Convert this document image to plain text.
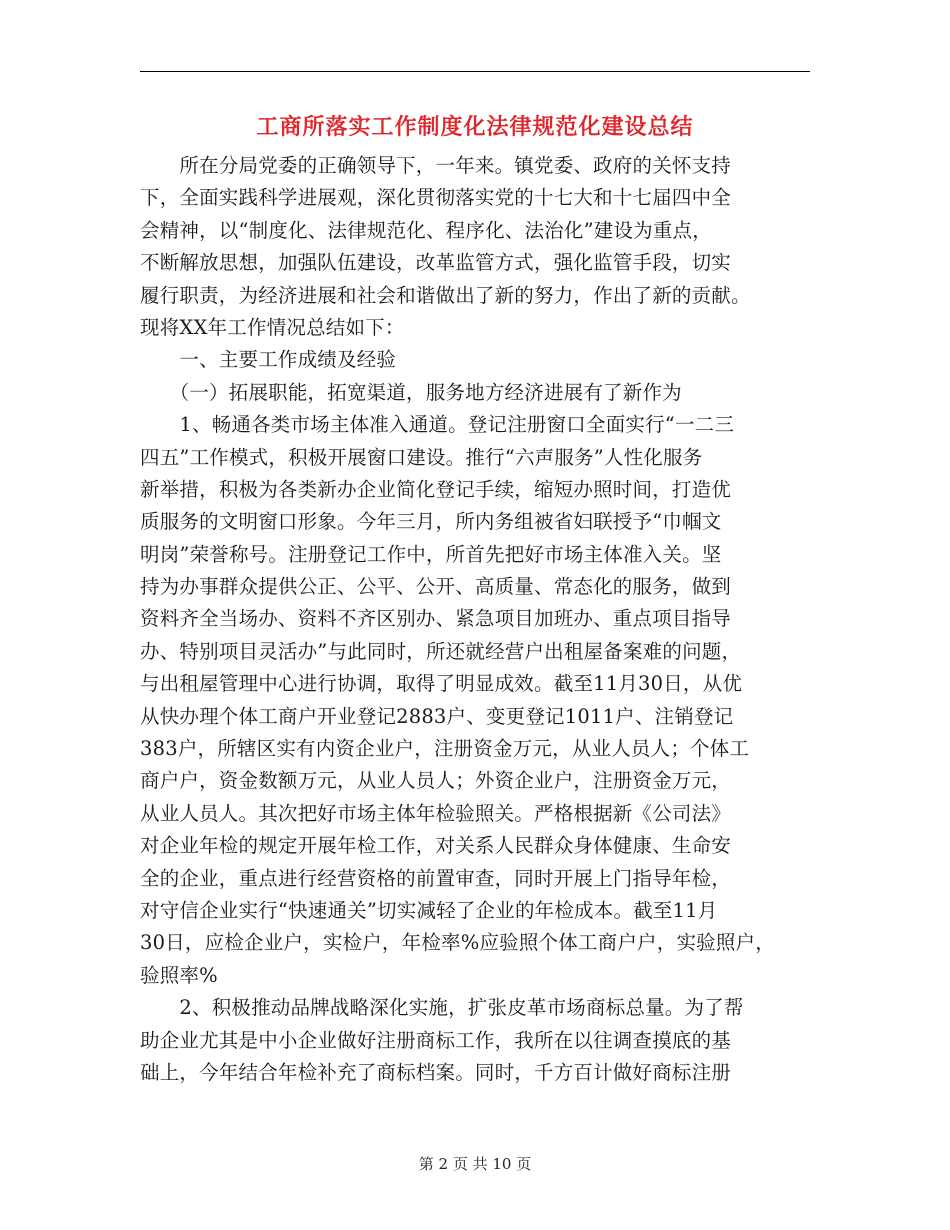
工商所落实工作制度化法律规范化建设总结
　　所在分局党委的正确领导下，一年来。镇党委、政府的关怀支持
下，全面实践科学进展观，深化贯彻落实党的十七大和十七届四中全
会精神，以“制度化、法律规范化、程序化、法治化”建设为重点，
不断解放思想，加强队伍建设，改革监管方式，强化监管手段，切实
履行职责，为经济进展和社会和谐做出了新的努力，作出了新的贡献。
现将XX年工作情况总结如下：
　　一、主要工作成绩及经验
　　（一）拓展职能，拓宽渠道，服务地方经济进展有了新作为
　　1、畅通各类市场主体准入通道。登记注册窗口全面实行“一二三
四五”工作模式，积极开展窗口建设。推行“六声服务”人性化服务
新举措，积极为各类新办企业简化登记手续，缩短办照时间，打造优
质服务的文明窗口形象。今年三月，所内务组被省妇联授予“巾帼文
明岗”荣誉称号。注册登记工作中，所首先把好市场主体准入关。坚
持为办事群众提供公正、公平、公开、高质量、常态化的服务，做到
资料齐全当场办、资料不齐区别办、紧急项目加班办、重点项目指导
办、特别项目灵活办”与此同时，所还就经营户出租屋备案难的问题，
与出租屋管理中心进行协调，取得了明显成效。截至11月30日，从优
从快办理个体工商户开业登记2883户、变更登记1011户、注销登记
383户，所辖区实有内资企业户，注册资金万元，从业人员人；个体工
商户户，资金数额万元，从业人员人；外资企业户，注册资金万元，
从业人员人。其次把好市场主体年检验照关。严格根据新《公司法》
对企业年检的规定开展年检工作，对关系人民群众身体健康、生命安
全的企业，重点进行经营资格的前置审查，同时开展上门指导年检，
对守信企业实行“快速通关”切实减轻了企业的年检成本。截至11月
30日，应检企业户，实检户，年检率%应验照个体工商户户，实验照户，
验照率%
　　2、积极推动品牌战略深化实施，扩张皮革市场商标总量。为了帮
助企业尤其是中小企业做好注册商标工作，我所在以往调查摸底的基
础上，今年结合年检补充了商标档案。同时，千方百计做好商标注册
第 2 页 共 10 页
